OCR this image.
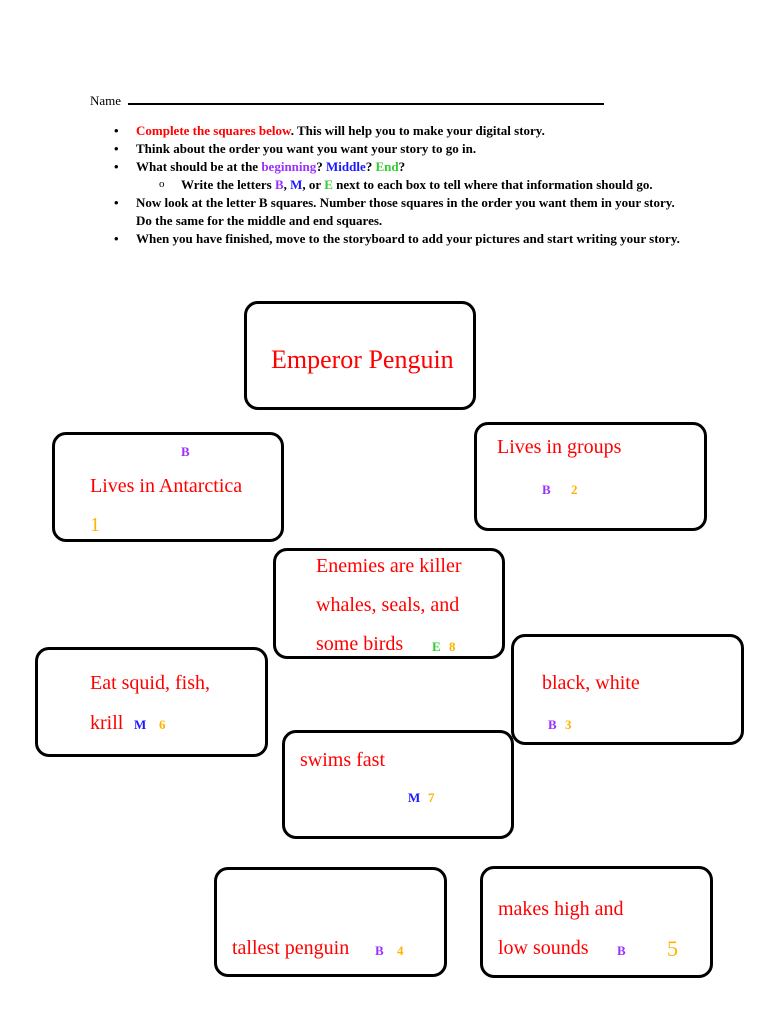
Name
• Complete the squares below. This will help you to make your digital story.
• Think about the order you want you want your story to go in.
• What should be at the beginning? Middle? End?
o Write the letters B, M, or E next to each box to tell where that information should go.
• Now look at the letter B squares. Number those squares in the order you want them in your story. Do the same for the middle and end squares.
• When you have finished, move to the storyboard to add your pictures and start writing your story.
Emperor Penguin
B
Lives in Antarctica
1
Lives in groups
B 2
Enemies are killer
whales, seals, and
some birds E 8
Eat squid, fish,
krill M 6
black, white
B 3
swims fast
M 7
tallest penguin B 4
makes high and
low sounds B 5
